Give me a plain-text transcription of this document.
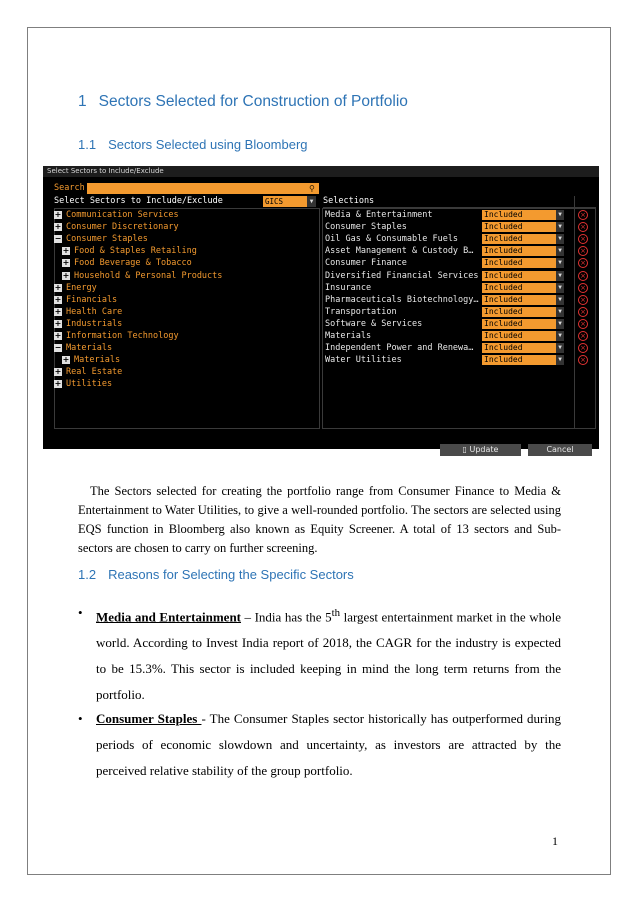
1 Sectors Selected for Construction of Portfolio
1.1 Sectors Selected using Bloomberg
Select Sectors to Include/Exclude
Search	⚲
Select Sectors to Include/Exclude	GICS	▼
+ Communication Services
+ Consumer Discretionary
− Consumer Staples
+ Food & Staples Retailing
+ Food Beverage & Tobacco
+ Household & Personal Products
+ Energy
+ Financials
+ Health Care
+ Industrials
+ Information Technology
− Materials
+ Materials
+ Real Estate
+ Utilities
Selections
Media & Entertainment	Included	▼	×
Consumer Staples	Included	▼	×
Oil Gas & Consumable Fuels	Included	▼	×
Asset Management & Custody B…	Included	▼	×
Consumer Finance	Included	▼	×
Diversified Financial Services Included	▼	×
Insurance	Included	▼	×
Pharmaceuticals Biotechnology… Included	▼	×
Transportation	Included	▼	×
Software & Services	Included	▼	×
Materials	Included	▼	×
Independent Power and Renewa…	Included	▼	×
Water Utilities	Included	▼	×
▯ Update	Cancel
The Sectors selected for creating the portfolio range from Consumer Finance to Media & Entertainment to Water Utilities, to give a well-rounded portfolio. The sectors are selected using EQS function in Bloomberg also known as Equity Screener. A total of 13 sectors and Sub-sectors are chosen to carry on further screening.
1.2 Reasons for Selecting the Specific Sectors
• Media and Entertainment – India has the 5th largest entertainment market in the whole world. According to Invest India report of 2018, the CAGR for the industry is expected to be 15.3%. This sector is included keeping in mind the long term returns from the portfolio.
• Consumer Staples - The Consumer Staples sector historically has outperformed during periods of economic slowdown and uncertainty, as investors are attracted by the perceived relative stability of the group portfolio.
1
